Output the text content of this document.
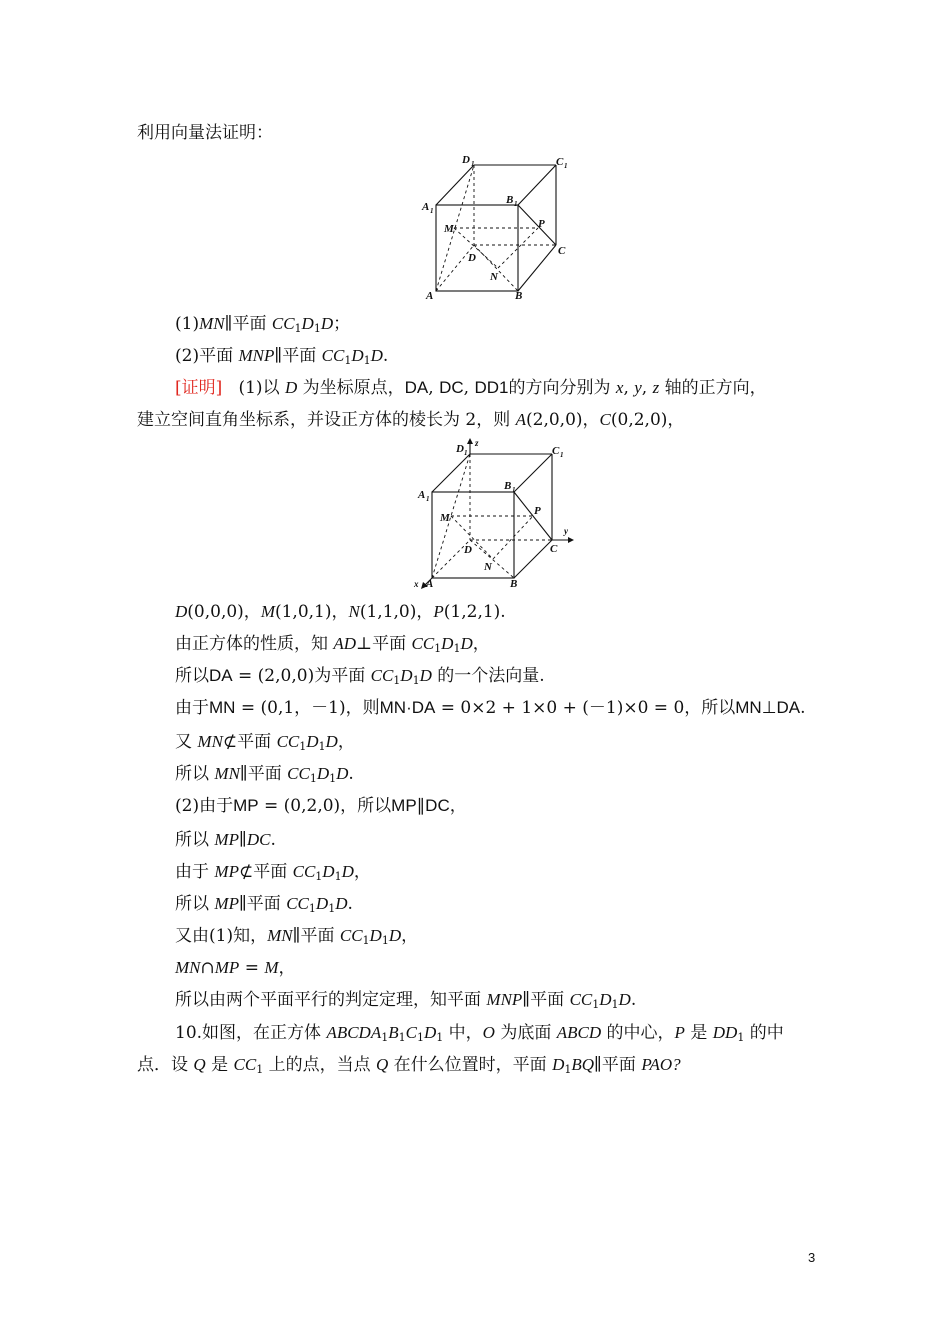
利用向量法证明：
D 1	C 1
A 1
B 1
P
M
D
N
C
A	B
(1)MN∥平面 $CC_1D_1D$；
(2)平面 MNP∥平面 $CC_1D_1D$.
[证明] (1)以 D 为坐标原点，DA, DC, DD1的方向分别为 x, y, z 轴的正方向，
建立空间直角坐标系，并设正方体的棱长为 2，则 A(2,0,0)，C(0,2,0)，
D 1
z
C 1
A 1
B 1
P
M
D
N
C
y
x A	B
D(0,0,0)，M(1,0,1)，N(1,1,0)，P(1,2,1).
由正方体的性质，知 AD⊥平面 $CC_1D_1D$，
所以DA = (2,0,0)为平面 $CC_1D_1D$ 的一个法向量.
由于MN = (0,1，－1)，则MN·DA = 0×2 + 1×0 + (－1)×0 = 0，所以MN⊥DA.
又 MN⊄平面 $CC_1D_1D$，
所以 MN∥平面 $CC_1D_1D$.
(2)由于MP = (0,2,0)，所以MP∥DC，
所以 MP∥DC.
由于 MP⊄平面 $CC_1D_1D$，
所以 MP∥平面 $CC_1D_1D$.
又由(1)知，MN∥平面 $CC_1D_1D$，
MN∩MP = M，
所以由两个平面平行的判定定理，知平面 MNP∥平面 $CC_1D_1D$.
10.如图，在正方体 $ABCDA_1B_1C_1D_1$ 中，O 为底面 ABCD 的中心，P 是 $DD_1$ 的中
点．设 Q 是 $CC_1$ 上的点，当点 Q 在什么位置时，平面 $D_1BQ\parallel$平面 PAO?
3
